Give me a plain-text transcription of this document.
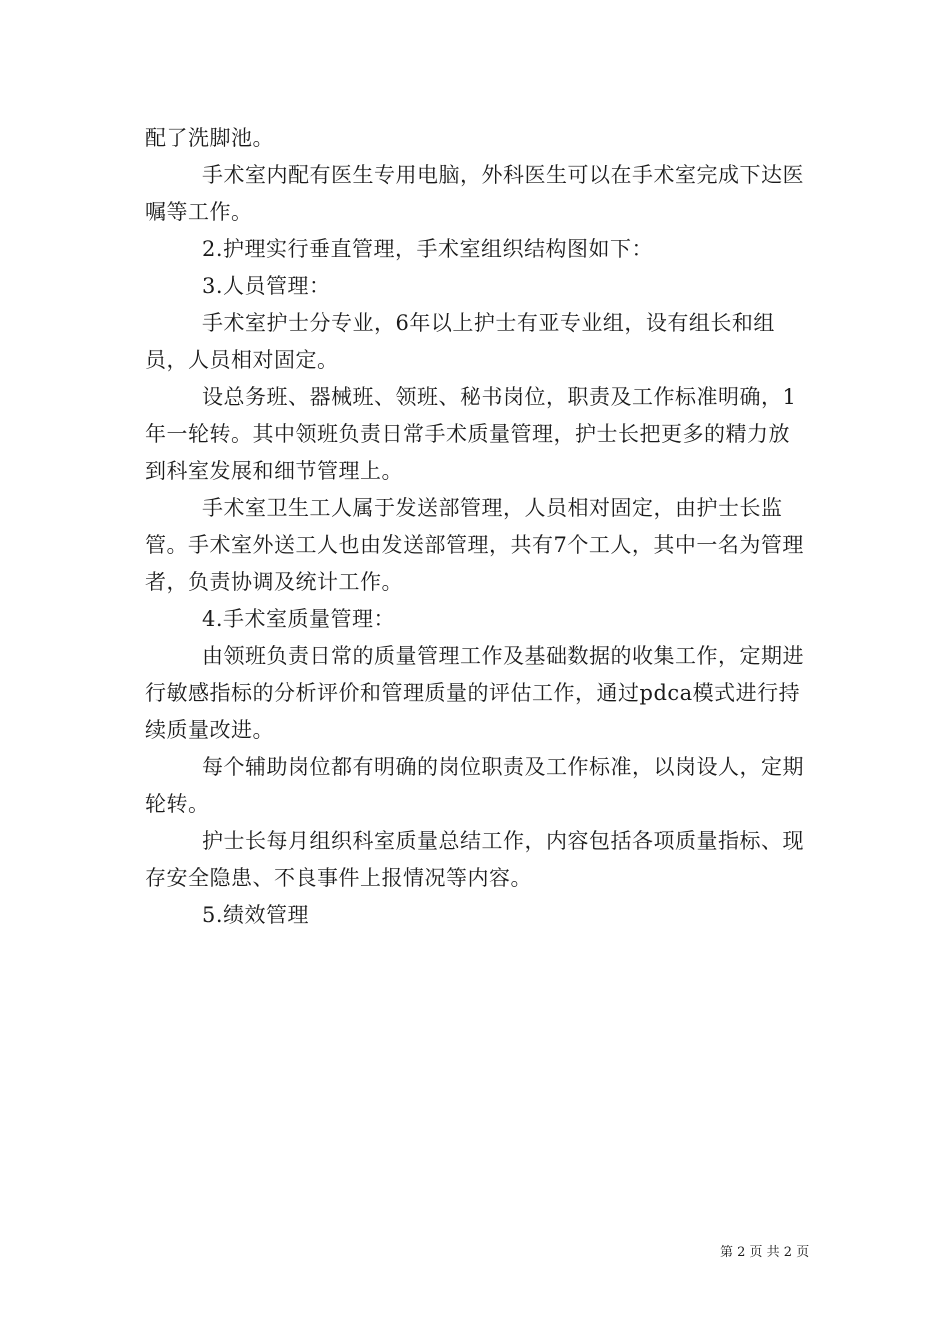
配了洗脚池。

手术室内配有医生专用电脑，外科医生可以在手术室完成下达医嘱等工作。

2.护理实行垂直管理，手术室组织结构图如下：

3.人员管理：

手术室护士分专业，6年以上护士有亚专业组，设有组长和组员，人员相对固定。

设总务班、器械班、领班、秘书岗位，职责及工作标准明确，1年一轮转。其中领班负责日常手术质量管理，护士长把更多的精力放到科室发展和细节管理上。

手术室卫生工人属于发送部管理，人员相对固定，由护士长监管。手术室外送工人也由发送部管理，共有7个工人，其中一名为管理者，负责协调及统计工作。

4.手术室质量管理：

由领班负责日常的质量管理工作及基础数据的收集工作，定期进行敏感指标的分析评价和管理质量的评估工作，通过pdca模式进行持续质量改进。

每个辅助岗位都有明确的岗位职责及工作标准，以岗设人，定期轮转。

护士长每月组织科室质量总结工作，内容包括各项质量指标、现存安全隐患、不良事件上报情况等内容。

5.绩效管理

第 2 页 共 2 页
